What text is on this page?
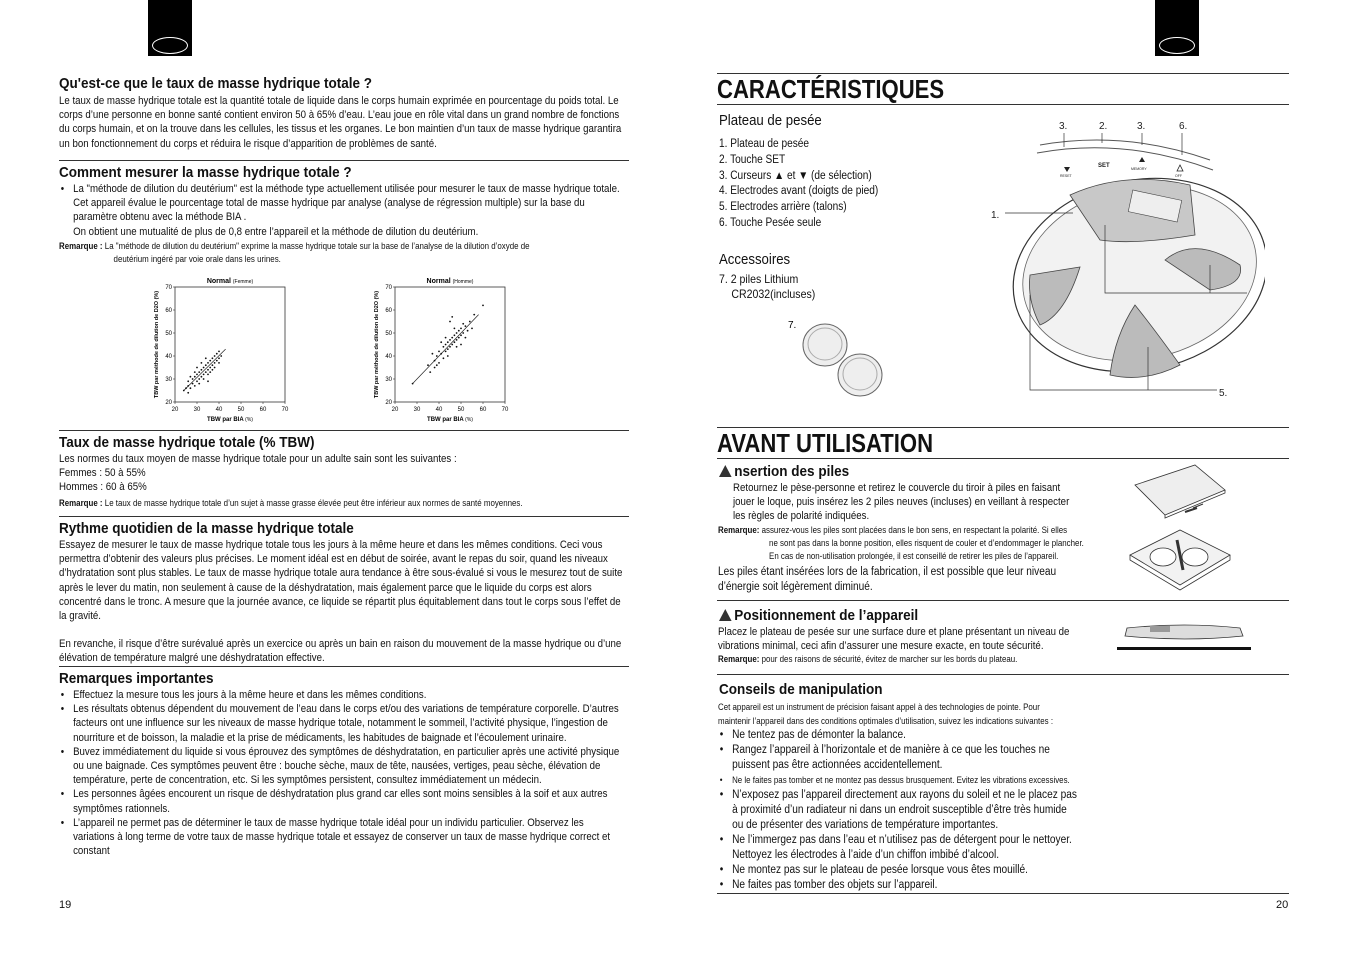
Qu'est-ce que le taux de masse hydrique totale ?
Le taux de masse hydrique totale est la quantité totale de liquide dans le corps humain exprimée en pourcentage du poids total. Le corps d’une personne en bonne santé contient environ 50 à 65% d’eau. L’eau joue en rôle vital dans un grand nombre de fonctions du corps humain, et on la trouve dans les cellules, les tissus et les organes. Le bon maintien d’un taux de masse hydrique garantira un bon fonctionnement du corps et réduira le risque d’apparition de problèmes de santé.
Comment mesurer la masse hydrique totale ?
• La "méthode de dilution du deutérium" est la méthode type actuellement utilisée pour mesurer le taux de masse hydrique totale. Cet appareil évalue le pourcentage total de masse hydrique par analyse (analyse de régression multiple) sur la base du paramètre obtenu avec la méthode BIA .

On obtient une mutualité de plus de 0,8 entre l’appareil et la méthode de dilution du deutérium.

Remarque : La "méthode de dilution du deutérium" exprime la masse hydrique totale sur la base de l’analyse de la dilution d’oxyde de
deutérium ingéré par voie orale dans les urines.
Normal (Femme)
20	30	40	50	60	70
20
30
40
50
60
70
TBW par BIA (%)
TBW par méthode de dilution de D2O (%)
Normal (Homme)
20	30	40	50	60	70
20
30
40
50
60
70
TBW par BIA (%)
TBW par méthode de dilution de D2O (%)
Taux de masse hydrique totale (% TBW)

Les normes du taux moyen de masse hydrique totale pour un adulte sain sont les suivantes :

Femmes : 50 à 55%

Hommes : 60 à 65%

Remarque : Le taux de masse hydrique totale d’un sujet à masse grasse élevée peut être inférieur aux normes de santé moyennes.
Rythme quotidien de la masse hydrique totale

Essayez de mesurer le taux de masse hydrique totale tous les jours à la même heure et dans les mêmes conditions. Ceci vous permettra d’obtenir des valeurs plus précises. Le moment idéal est en début de soirée, avant le repas du soir, quand les niveaux d’hydratation sont plus stables. Le taux de masse hydrique totale aura tendance à être sous-évalué si vous le mesurez tout de suite après le lever du matin, non seulement à cause de la déshydratation, mais également parce que le liquide du corps est alors concentré dans le tronc. A mesure que la journée avance, ce liquide se répartit plus équitablement dans tout le corps sous l’effet de la gravité.

En revanche, il risque d’être surévalué après un exercice ou après un bain en raison du mouvement de la masse hydrique ou d’une élévation de température malgré une déshydratation effective.

Remarques importantes
• Effectuez la mesure tous les jours à la même heure et dans les mêmes conditions.
• Les résultats obtenus dépendent du mouvement de l’eau dans le corps et/ou des variations de température corporelle. D’autres facteurs ont une influence sur les niveaux de masse hydrique totale, notamment le sommeil, l’activité physique, l’ingestion de nourriture et de boisson, la maladie et la prise de médicaments, les habitudes de baignade et l’écoulement urinaire.
• Buvez immédiatement du liquide si vous éprouvez des symptômes de déshydratation, en particulier après une activité physique ou une baignade. Ces symptômes peuvent être : bouche sèche, maux de tête, nausées, vertiges, peau sèche, élévation de température, perte de concentration, etc. Si les symptômes persistent, consultez immédiatement un médecin.
• Les personnes âgées encourent un risque de déshydratation plus grand car elles sont moins sensibles à la soif et aux autres symptômes rationnels.
• L’appareil ne permet pas de déterminer le taux de masse hydrique totale idéal pour un individu particulier. Observez les variations à long terme de votre taux de masse hydrique totale et essayez de conserver un taux de masse hydrique correct et constant
19
CARACTÉRISTIQUES
Plateau de pesée
1. Plateau de pesée
2. Touche SET
3. Curseurs ▲ et ▼ (de sélection)
4. Electrodes avant (doigts de pied)
5. Electrodes arrière (talons)
6. Touche Pesée seule
Accessoires

7. 2 piles Lithium

CR2032(incluses)

7.
3.	2.	3.	6.
1.
5.
SET
RESET
MEMORY
OFF
AVANT UTILISATION
nsertion des piles
Retournez le pèse-personne et retirez le couvercle du tiroir à piles en faisant jouer le loque, puis insérez les 2 piles neuves (incluses) en veillant à respecter les règles de polarité indiquées.
Remarque: assurez-vous les piles sont placées dans le bon sens, en respectant la polarité. Si elles
ne sont pas dans la bonne position, elles risquent de couler et d’endommager le plancher.
En cas de non-utilisation prolongée, il est conseillé de retirer les piles de l’appareil.
Les piles étant insérées lors de la fabrication, il est possible que leur niveau d’énergie soit légèrement diminué.
Positionnement de l’appareil
Placez le plateau de pesée sur une surface dure et plane présentant un niveau de vibrations minimal, ceci afin d’assurer une mesure exacte, en toute sécurité.
Remarque: pour des raisons de sécurité, évitez de marcher sur les bords du plateau.
Conseils de manipulation
Cet appareil est un instrument de précision faisant appel à des technologies de pointe. Pour maintenir l’appareil dans des conditions optimales d’utilisation, suivez les indications suivantes :
• Ne tentez pas de démonter la balance.
• Rangez l’appareil à l’horizontale et de manière à ce que les touches ne puissent pas être actionnées accidentellement.
• Ne le faites pas tomber et ne montez pas dessus brusquement. Evitez les vibrations excessives.
• N’exposez pas l’appareil directement aux rayons du soleil et ne le placez pas à proximité d’un radiateur ni dans un endroit susceptible d’être très humide ou de présenter des variations de température importantes.
• Ne l’immergez pas dans l’eau et n’utilisez pas de détergent pour le nettoyer. Nettoyez les électrodes à l’aide d’un chiffon imbibé d’alcool.
• Ne montez pas sur le plateau de pesée lorsque vous êtes mouillé.
• Ne faites pas tomber des objets sur l’appareil.
20
